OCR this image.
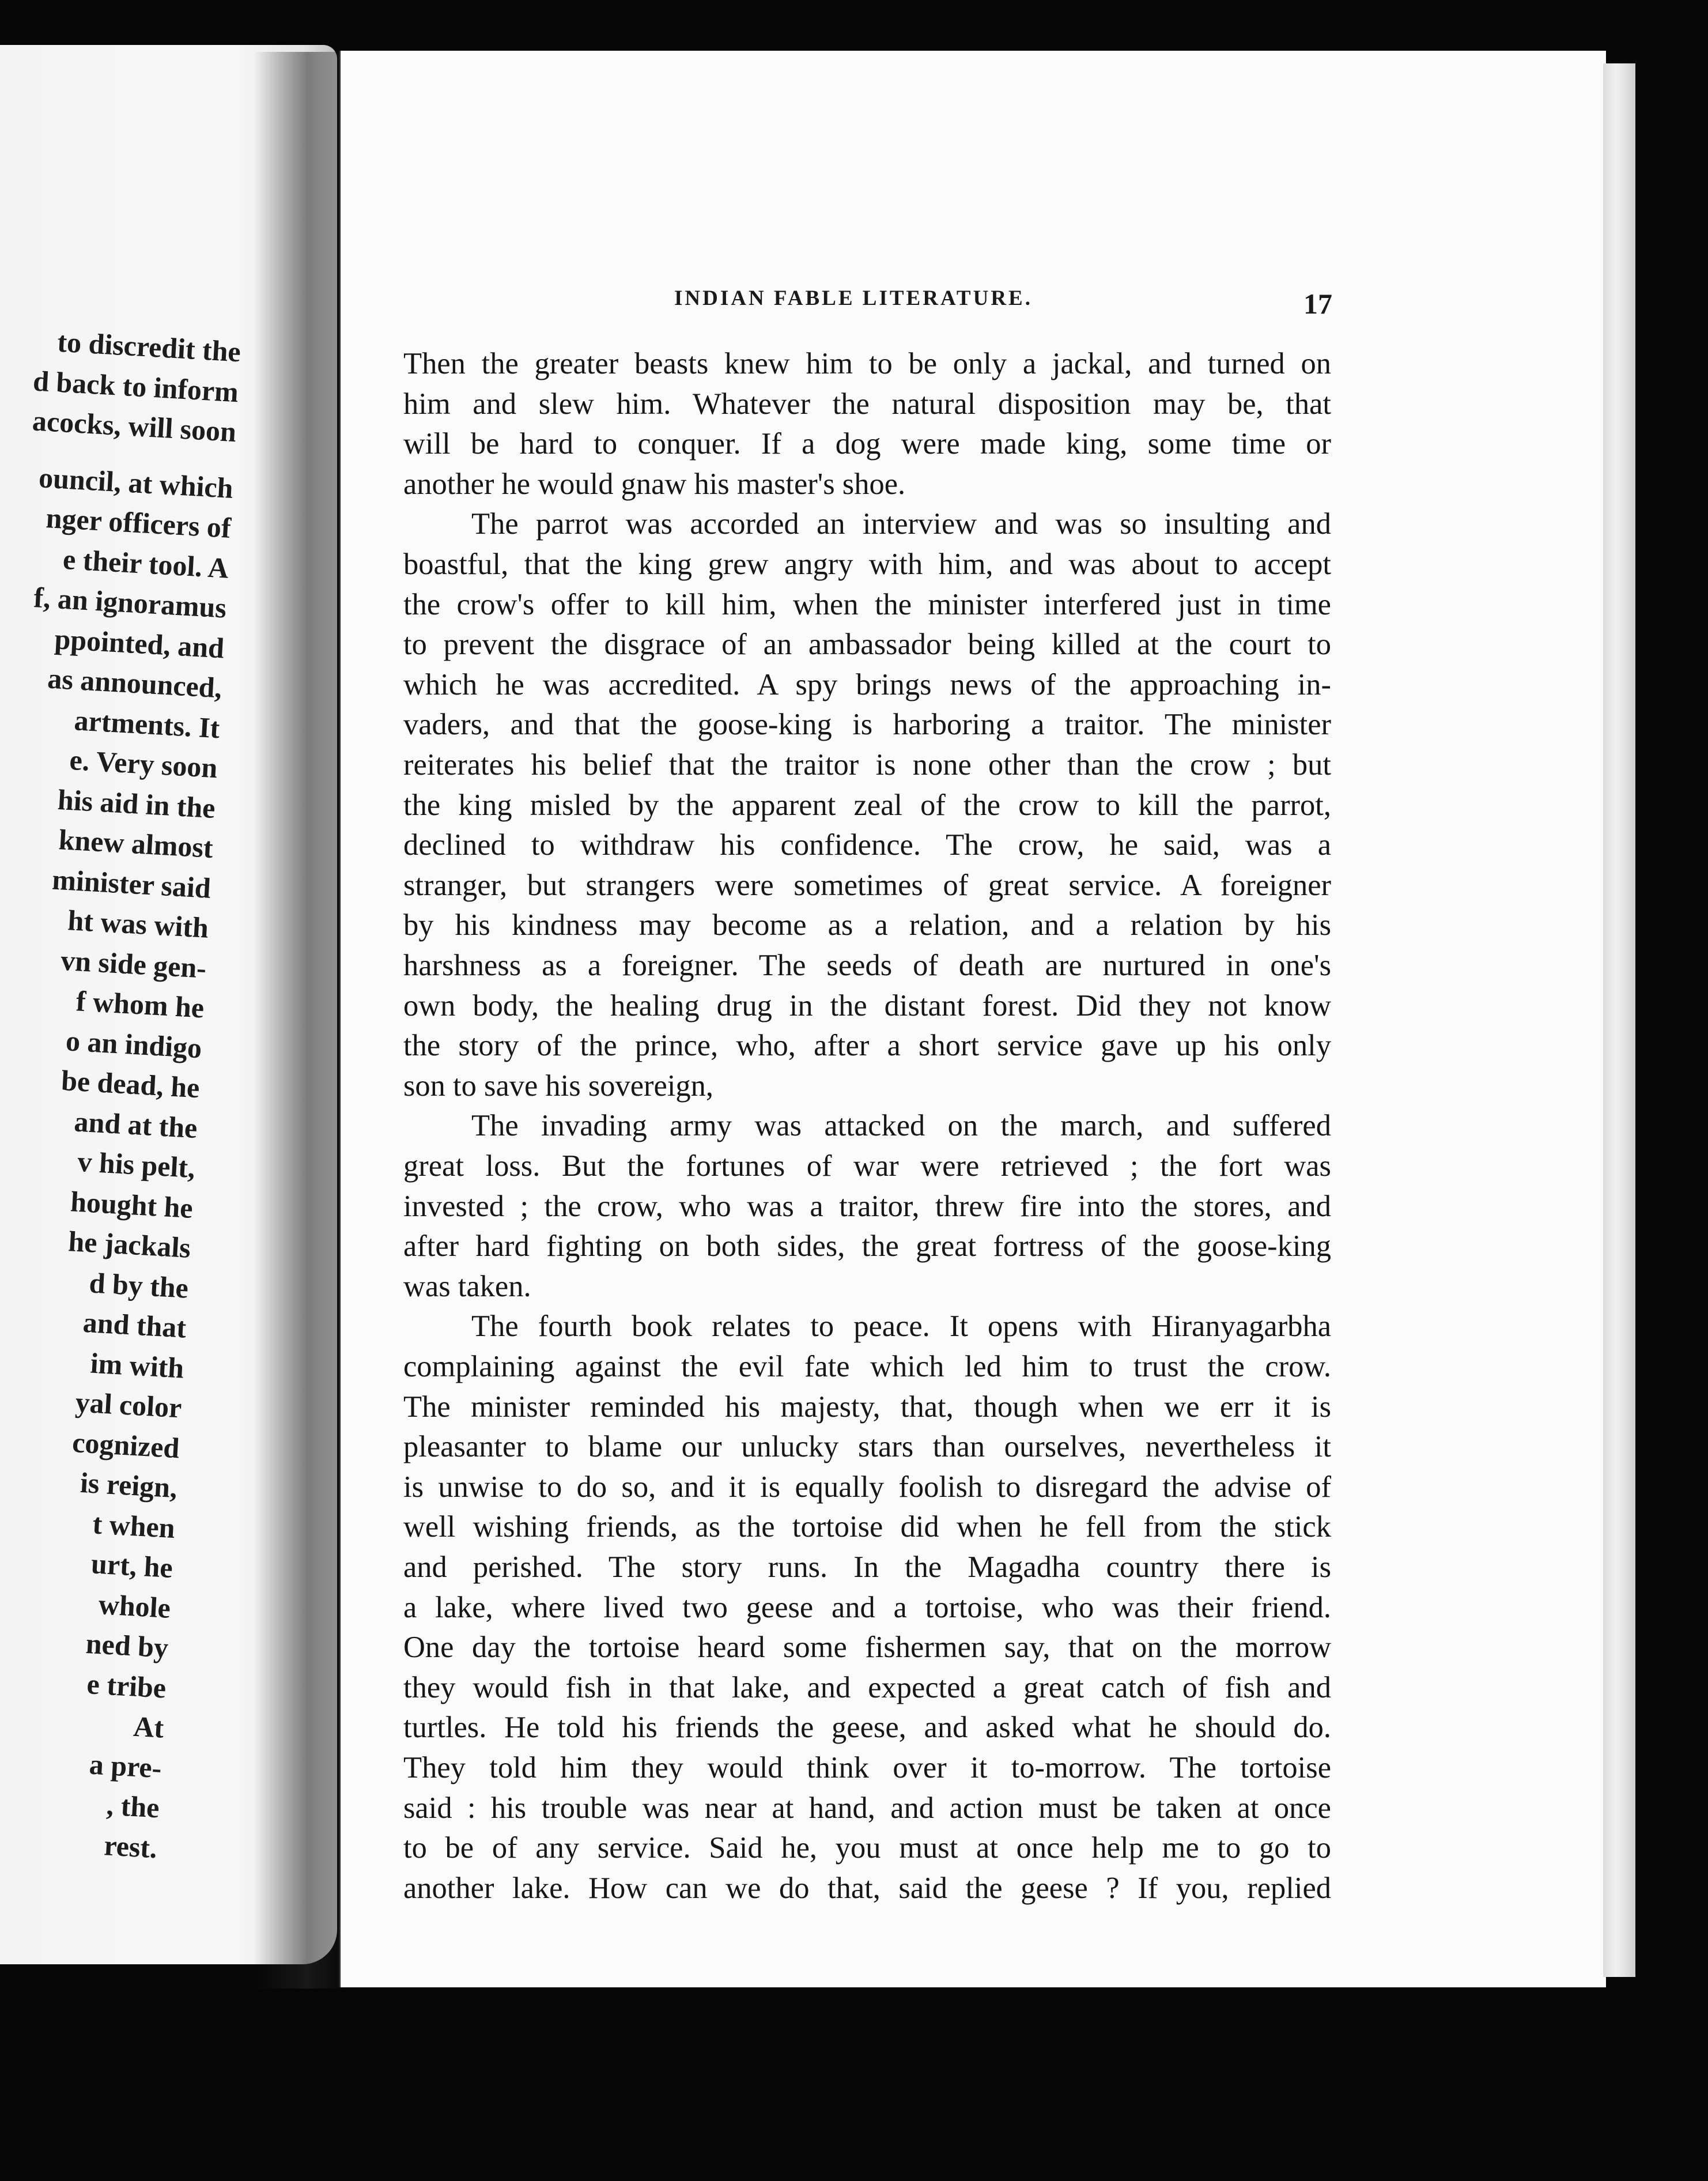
to discredit the
d back to inform
acocks, will soon
ouncil, at which
nger officers of
e their tool. A
f, an ignoramus
ppointed, and
as announced,
artments. It
e. Very soon
his aid in the
knew almost
minister said
ht was with
vn side gen-
f whom he
o an indigo
be dead, he
and at the
v his pelt,
hought he
he jackals
d by the
and that
im with
yal color
cognized
is reign,
t when
urt, he
whole
ned by
e tribe
At
a pre-
, the
rest.
INDIAN FABLE LITERATURE.	17
Then the greater beasts knew him to be only a jackal, and turned on
him and slew him. Whatever the natural disposition may be, that
will be hard to conquer. If a dog were made king, some time or
another he would gnaw his master's shoe.
The parrot was accorded an interview and was so insulting and
boastful, that the king grew angry with him, and was about to accept
the crow's offer to kill him, when the minister interfered just in time
to prevent the disgrace of an ambassador being killed at the court to
which he was accredited. A spy brings news of the approaching in-
vaders, and that the goose-king is harboring a traitor. The minister
reiterates his belief that the traitor is none other than the crow ; but
the king misled by the apparent zeal of the crow to kill the parrot,
declined to withdraw his confidence. The crow, he said, was a
stranger, but strangers were sometimes of great service. A foreigner
by his kindness may become as a relation, and a relation by his
harshness as a foreigner. The seeds of death are nurtured in one's
own body, the healing drug in the distant forest. Did they not know
the story of the prince, who, after a short service gave up his only
son to save his sovereign,
The invading army was attacked on the march, and suffered
great loss. But the fortunes of war were retrieved ; the fort was
invested ; the crow, who was a traitor, threw fire into the stores, and
after hard fighting on both sides, the great fortress of the goose-king
was taken.
The fourth book relates to peace. It opens with Hiranyagarbha
complaining against the evil fate which led him to trust the crow.
The minister reminded his majesty, that, though when we err it is
pleasanter to blame our unlucky stars than ourselves, nevertheless it
is unwise to do so, and it is equally foolish to disregard the advise of
well wishing friends, as the tortoise did when he fell from the stick
and perished. The story runs. In the Magadha country there is
a lake, where lived two geese and a tortoise, who was their friend.
One day the tortoise heard some fishermen say, that on the morrow
they would fish in that lake, and expected a great catch of fish and
turtles. He told his friends the geese, and asked what he should do.
They told him they would think over it to-morrow. The tortoise
said : his trouble was near at hand, and action must be taken at once
to be of any service. Said he, you must at once help me to go to
another lake. How can we do that, said the geese ? If you, replied
